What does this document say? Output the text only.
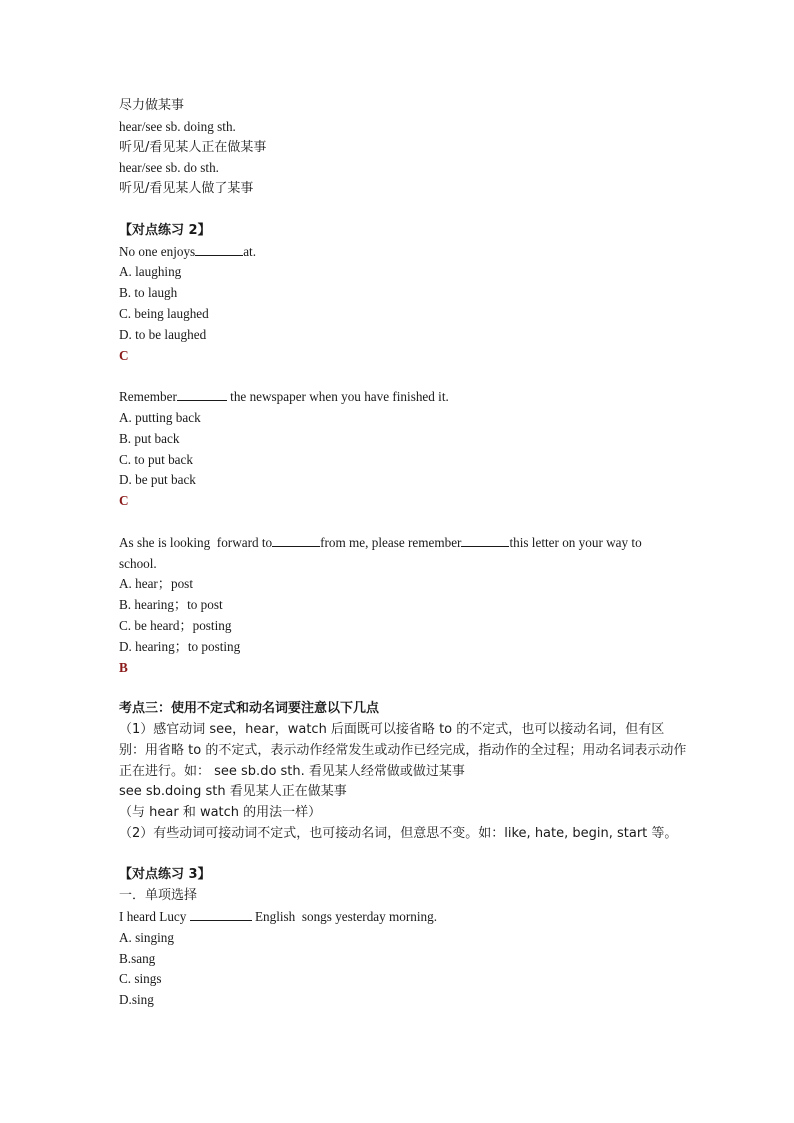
尽力做某事
hear/see sb. doing sth.
听见/看见某人正在做某事
hear/see sb. do sth.
听见/看见某人做了某事
【对点练习 2】
No one enjoys	at.
A. laughing
B. to laugh
C. being laughed
D. to be laughed
C
Remember	the newspaper when you have finished it.
A. putting back
B. put back
C. to put back
D. be put back
C
As she is looking  forward to	from me, please remember	this letter on your way to
school.
A. hear；post
B. hearing；to post
C. be heard；posting
D. hearing；to posting
B
考点三：使用不定式和动名词要注意以下几点
（1）感官动词 see，hear，watch 后面既可以接省略 to 的不定式，也可以接动名词，但有区别：用省略 to 的不定式，表示动作经常发生或动作已经完成，指动作的全过程；用动名词表示动作正在进行。如： see sb.do sth. 看见某人经常做或做过某事
see sb.doing sth 看见某人正在做某事
（与 hear 和 watch 的用法一样）
（2）有些动词可接动词不定式，也可接动名词，但意思不变。如：like, hate, begin, start 等。
【对点练习 3】
一．单项选择
I heard Lucy	English  songs yesterday morning.
A. singing
B.sang
C. sings
D.sing
